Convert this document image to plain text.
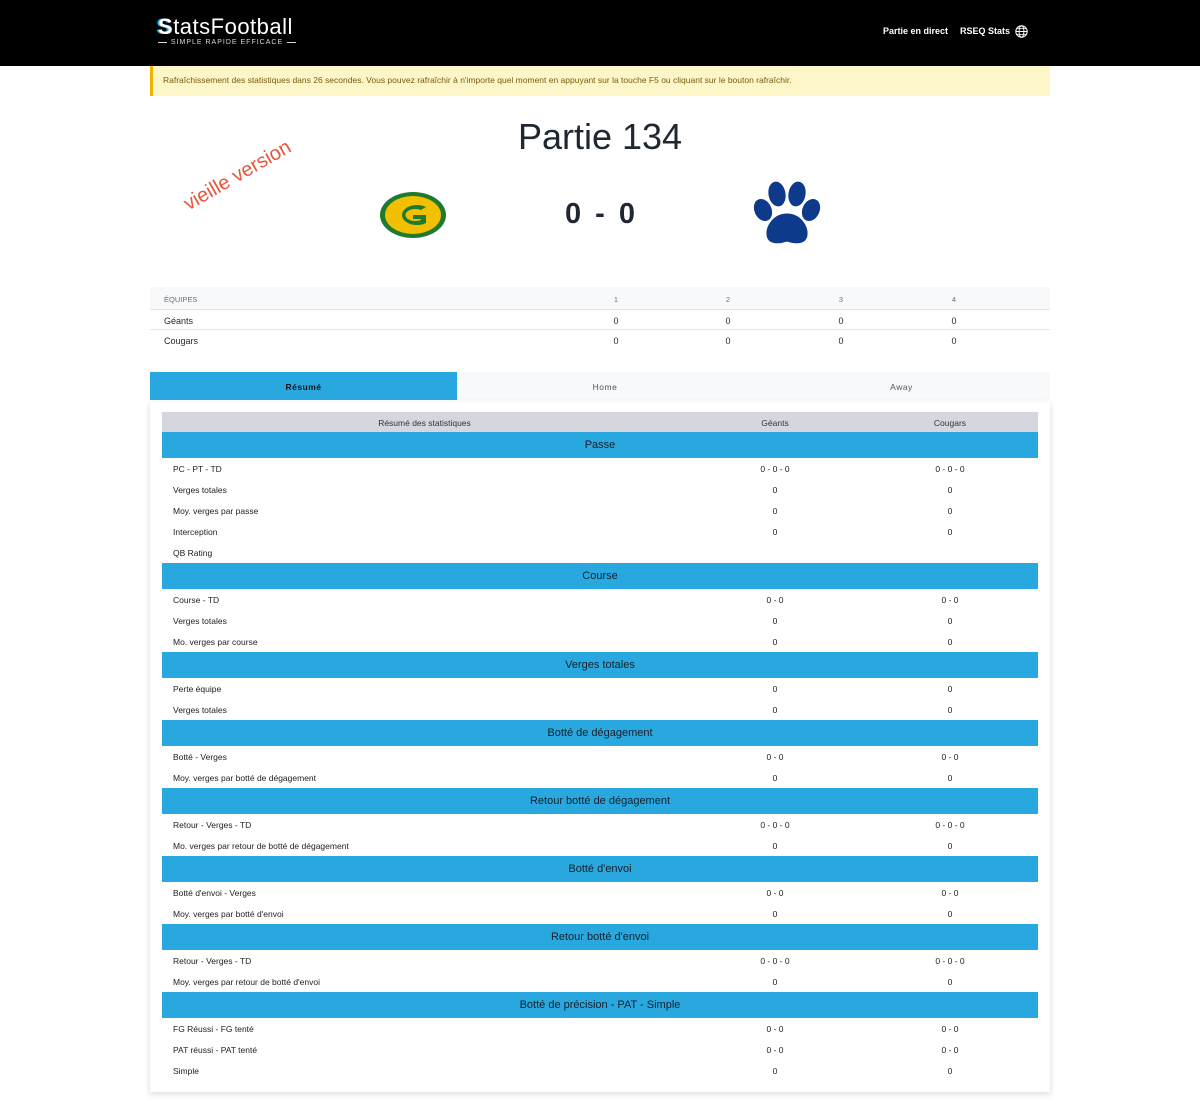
StatsFootball
SIMPLE RAPIDE EFFICACE
Partie en direct RSEQ Stats
Rafraîchissement des statistiques dans 26 secondes. Vous pouvez rafraîchir à n'importe quel moment en appuyant sur la touche F5 ou cliquant sur le bouton rafraîchir.
Partie 134
vieille version	0 - 0
ÉQUIPES	1	2	3	4
Géants	0	0	0	0
Cougars	0	0	0	0
Résumé	Home	Away
Résumé des statistiques	Géants	Cougars
Passe
PC - PT - TD	0 - 0 - 0	0 - 0 - 0
Verges totales	0	0
Moy. verges par passe	0	0
Interception	0	0
QB Rating
Course
Course - TD	0 - 0	0 - 0
Verges totales	0	0
Mo. verges par course	0	0
Verges totales
Perte équipe	0	0
Verges totales	0	0
Botté de dégagement
Botté - Verges	0 - 0	0 - 0
Moy. verges par botté de dégagement	0	0
Retour botté de dégagement
Retour - Verges - TD	0 - 0 - 0	0 - 0 - 0
Mo. verges par retour de botté de dégagement	0	0
Botté d'envoi
Botté d'envoi - Verges	0 - 0	0 - 0
Moy. verges par botté d'envoi	0	0
Retour botté d'envoi
Retour - Verges - TD	0 - 0 - 0	0 - 0 - 0
Moy. verges par retour de botté d'envoi	0	0
Botté de précision - PAT - Simple
FG Réussi - FG tenté	0 - 0	0 - 0
PAT réussi - PAT tenté	0 - 0	0 - 0
Simple	0	0
